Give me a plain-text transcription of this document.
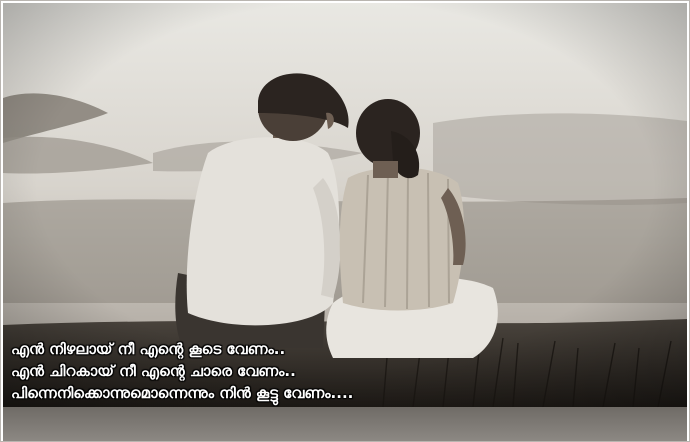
എൻ നിഴലായ് നീ എന്റെ കൂടെ വേണം..
എൻ ചിറകായ് നീ എന്റെ ചാരെ വേണം..
പിന്നെനിക്കൊന്നുമൊന്നെന്നും നിൻ കൂട്ടു വേണം....
